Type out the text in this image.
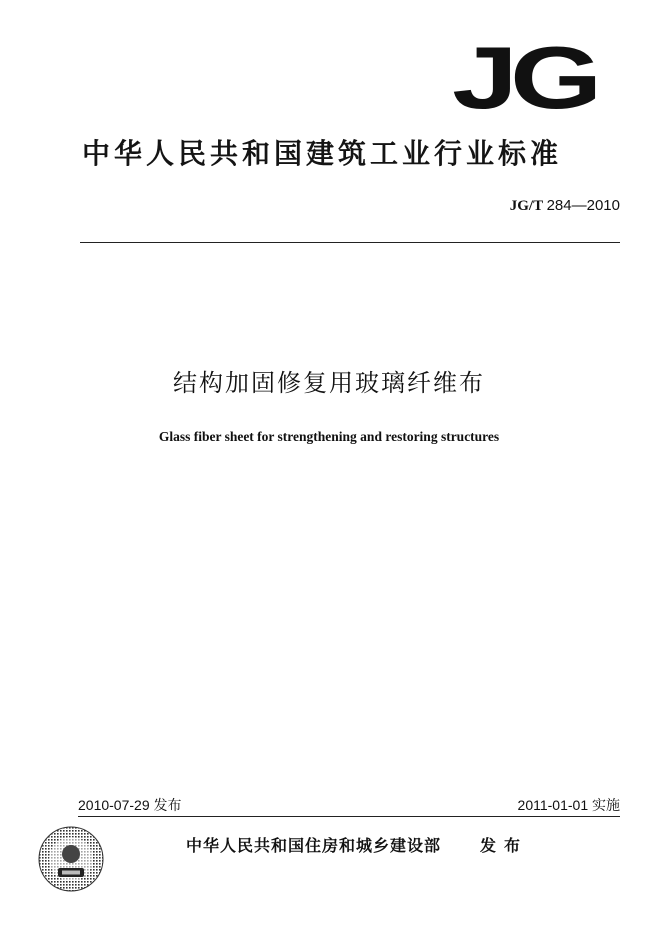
JG
中华人民共和国建筑工业行业标准
JG/T 284—2010
结构加固修复用玻璃纤维布
Glass fiber sheet for strengthening and restoring structures
2010-07-29 发布	2011-01-01 实施
中华人民共和国住房和城乡建设部 发布
